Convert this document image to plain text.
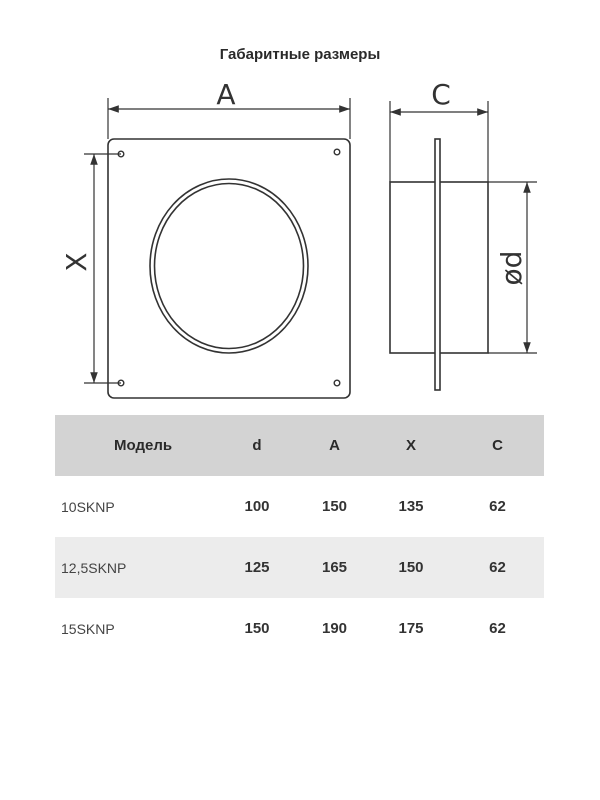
Габаритные размеры
A
X
C
ød
Модель	d	A	X	C
10SKNP	100	150	135	62
12,5SKNP	125	165	150	62
15SKNP	150	190	175	62
